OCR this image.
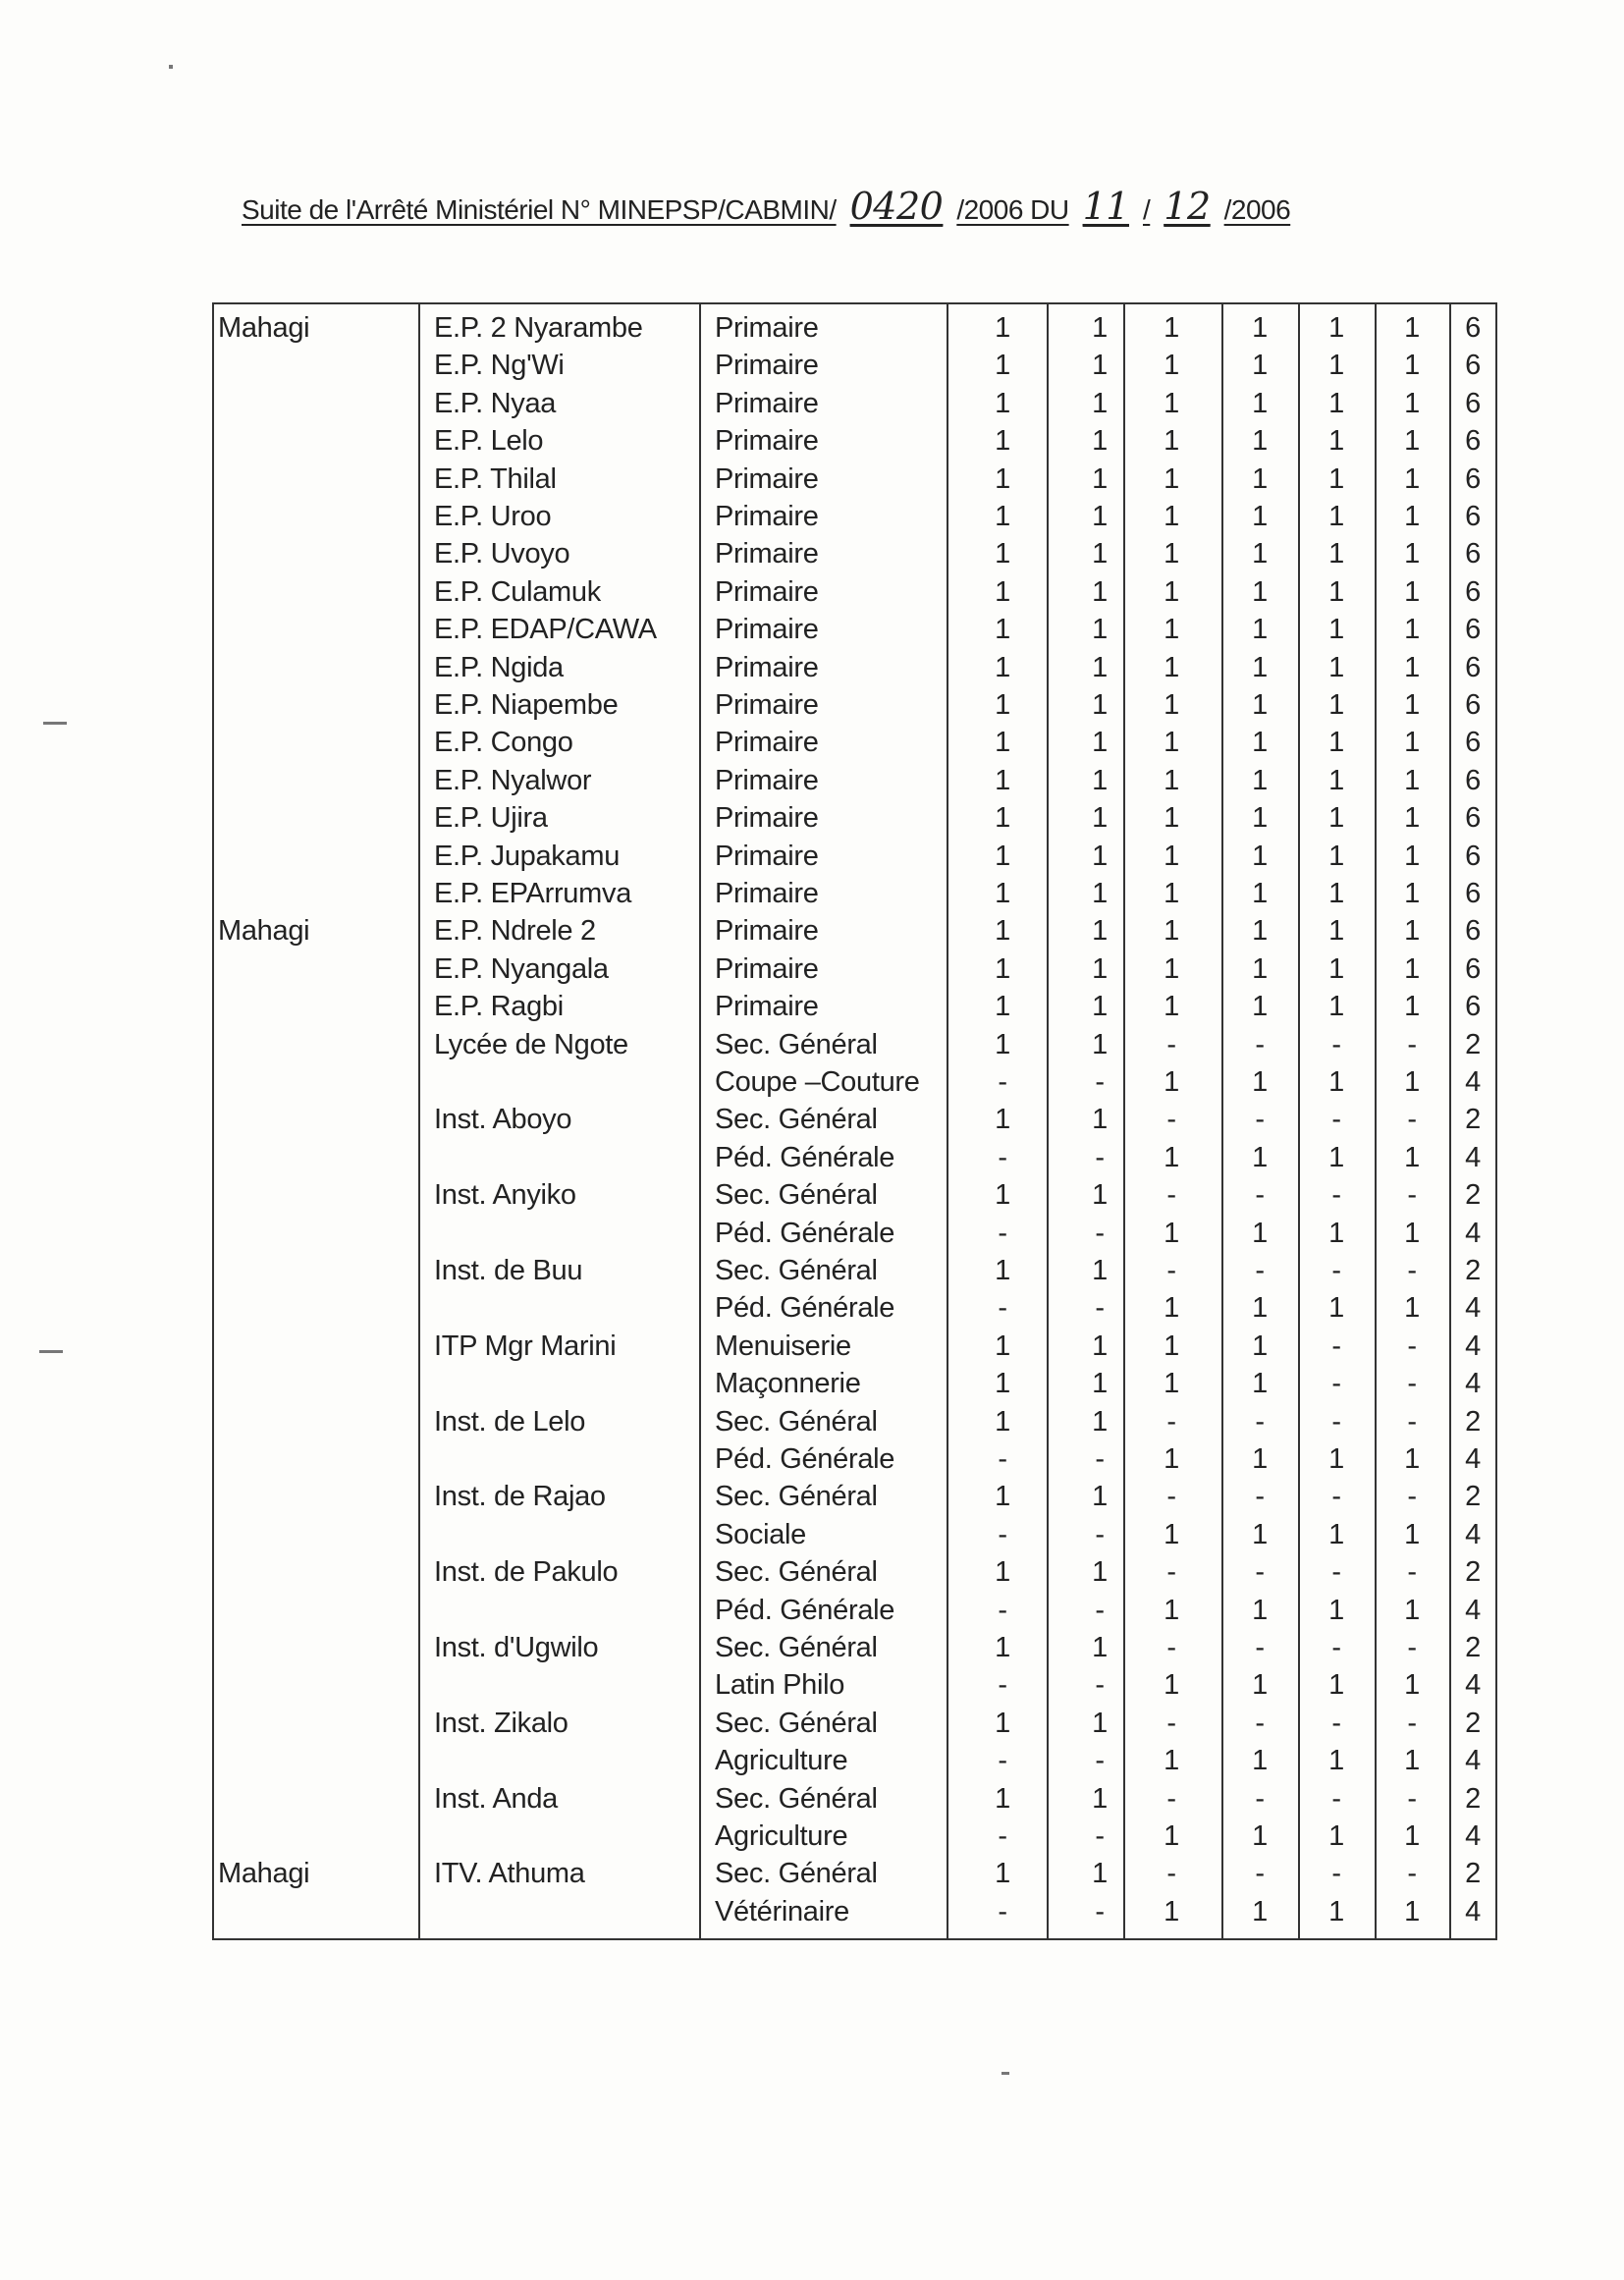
Suite de l'Arrêté Ministériel N° MINEPSP/CABMIN/ 0420 /2006 DU 11 / 12 /2006
Mahagi	E.P. 2 Nyarambe	Primaire	1	1	1	1	1	1	6
E.P. Ng'Wi	Primaire	1	1	1	1	1	1	6
E.P. Nyaa	Primaire	1	1	1	1	1	1	6
E.P. Lelo	Primaire	1	1	1	1	1	1	6
E.P. Thilal	Primaire	1	1	1	1	1	1	6
E.P. Uroo	Primaire	1	1	1	1	1	1	6
E.P. Uvoyo	Primaire	1	1	1	1	1	1	6
E.P. Culamuk	Primaire	1	1	1	1	1	1	6
E.P. EDAP/CAWA Primaire	1	1	1	1	1	1	6
E.P. Ngida	Primaire	1	1	1	1	1	1	6
E.P. Niapembe	Primaire	1	1	1	1	1	1	6
E.P. Congo	Primaire	1	1	1	1	1	1	6
E.P. Nyalwor	Primaire	1	1	1	1	1	1	6
E.P. Ujira	Primaire	1	1	1	1	1	1	6
E.P. Jupakamu	Primaire	1	1	1	1	1	1	6
E.P. EPArrumva	Primaire	1	1	1	1	1	1	6
Mahagi	E.P. Ndrele 2	Primaire	1	1	1	1	1	1	6
E.P. Nyangala	Primaire	1	1	1	1	1	1	6
E.P. Ragbi	Primaire	1	1	1	1	1	1	6
Lycée de Ngote	Sec. Général	1	1	-	-	-	-	2
Coupe –Couture	-	-	1	1	1	1	4
Inst. Aboyo	Sec. Général	1	1	-	-	-	-	2
Péd. Générale	-	-	1	1	1	1	4
Inst. Anyiko	Sec. Général	1	1	-	-	-	-	2
Péd. Générale	-	-	1	1	1	1	4
Inst. de Buu	Sec. Général	1	1	-	-	-	-	2
Péd. Générale	-	-	1	1	1	1	4
ITP Mgr Marini	Menuiserie	1	1	1	1	-	-	4
Maçonnerie	1	1	1	1	-	-	4
Inst. de Lelo	Sec. Général	1	1	-	-	-	-	2
Péd. Générale	-	-	1	1	1	1	4
Inst. de Rajao	Sec. Général	1	1	-	-	-	-	2
Sociale	-	-	1	1	1	1	4
Inst. de Pakulo	Sec. Général	1	1	-	-	-	-	2
Péd. Générale	-	-	1	1	1	1	4
Inst. d'Ugwilo	Sec. Général	1	1	-	-	-	-	2
Latin Philo	-	-	1	1	1	1	4
Inst. Zikalo	Sec. Général	1	1	-	-	-	-	2
Agriculture	-	-	1	1	1	1	4
Inst. Anda	Sec. Général	1	1	-	-	-	-	2
Agriculture	-	-	1	1	1	1	4
Mahagi	ITV. Athuma	Sec. Général	1	1	-	-	-	-	2
Vétérinaire	-	-	1	1	1	1	4
